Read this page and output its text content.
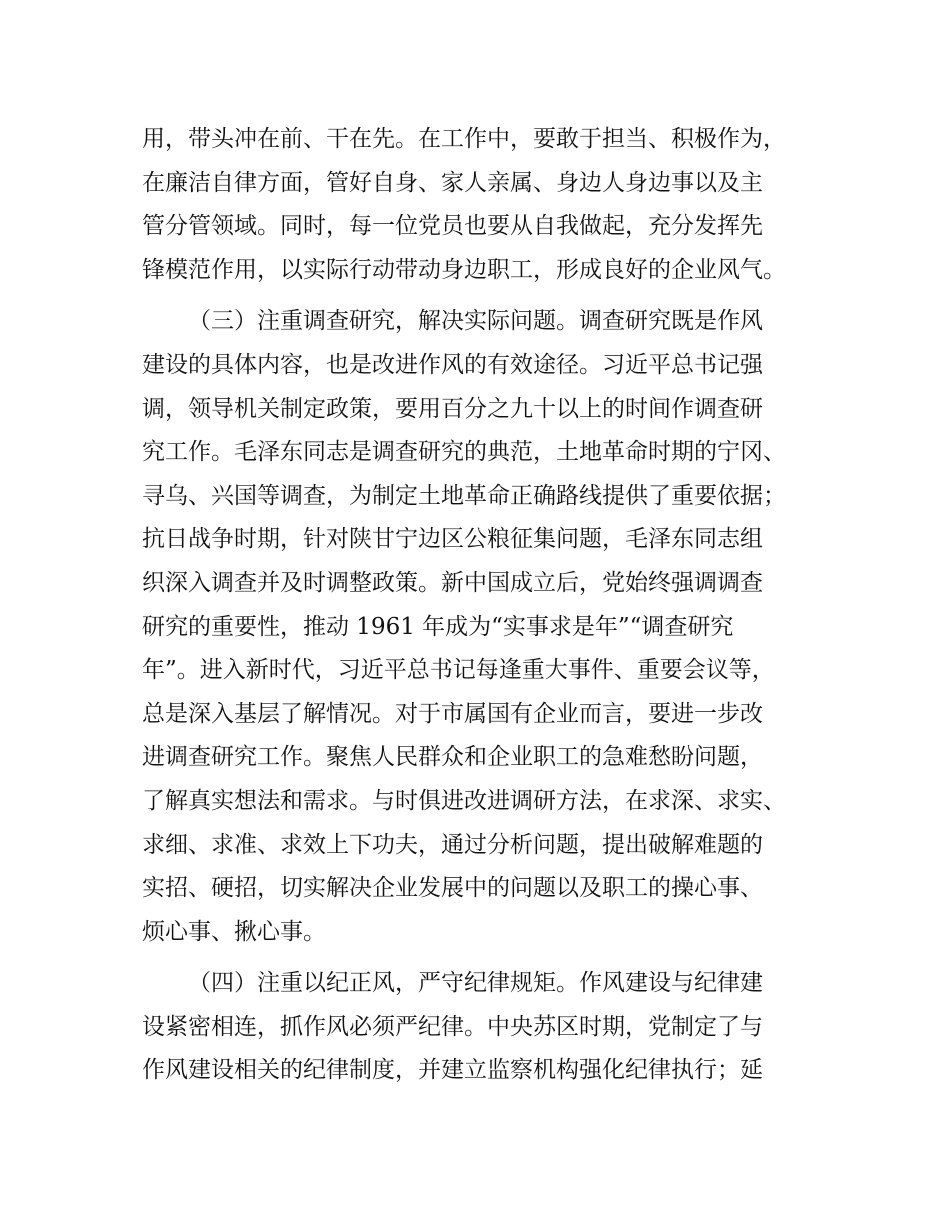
用，带头冲在前、干在先。在工作中，要敢于担当、积极作为，
在廉洁自律方面，管好自身、家人亲属、身边人身边事以及主
管分管领域。同时，每一位党员也要从自我做起，充分发挥先
锋模范作用，以实际行动带动身边职工，形成良好的企业风气。
（三）注重调查研究，解决实际问题。调查研究既是作风
建设的具体内容，也是改进作风的有效途径。习近平总书记强
调，领导机关制定政策，要用百分之九十以上的时间作调查研
究工作。毛泽东同志是调查研究的典范，土地革命时期的宁冈、
寻乌、兴国等调查，为制定土地革命正确路线提供了重要依据；
抗日战争时期，针对陕甘宁边区公粮征集问题，毛泽东同志组
织深入调查并及时调整政策。新中国成立后，党始终强调调查
研究的重要性，推动 1961 年成为“实事求是年”“调查研究
年”。进入新时代，习近平总书记每逢重大事件、重要会议等，
总是深入基层了解情况。对于市属国有企业而言，要进一步改
进调查研究工作。聚焦人民群众和企业职工的急难愁盼问题，
了解真实想法和需求。与时俱进改进调研方法，在求深、求实、
求细、求准、求效上下功夫，通过分析问题，提出破解难题的
实招、硬招，切实解决企业发展中的问题以及职工的操心事、
烦心事、揪心事。
（四）注重以纪正风，严守纪律规矩。作风建设与纪律建
设紧密相连，抓作风必须严纪律。中央苏区时期，党制定了与
作风建设相关的纪律制度，并建立监察机构强化纪律执行；延
